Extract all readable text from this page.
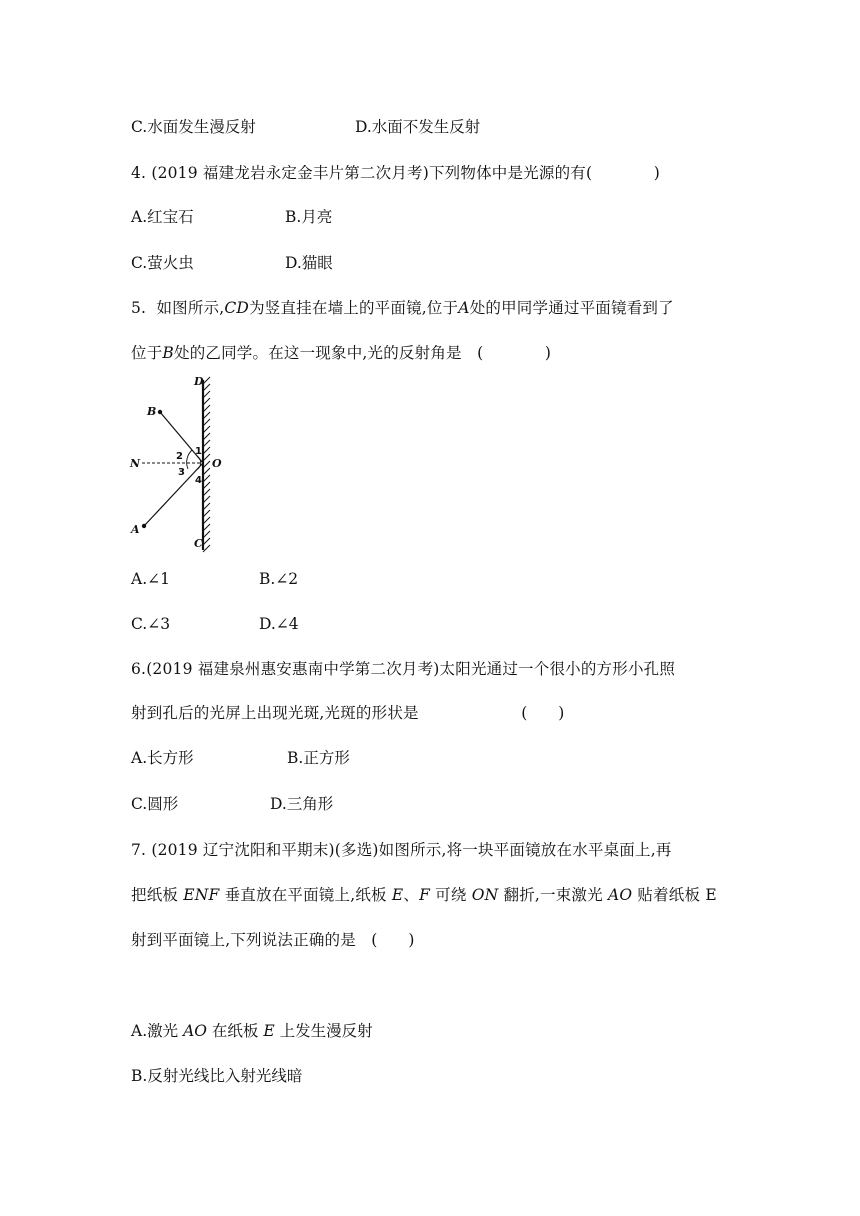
C.水面发生漫反射	D.水面不发生反射
4. (2019 福建龙岩永定金丰片第二次月考)下列物体中是光源的有(            )
A.红宝石	B.月亮
C.萤火虫	D.猫眼
5.  如图所示,CD为竖直挂在墙上的平面镜,位于A处的甲同学通过平面镜看到了
位于B处的乙同学。在这一现象中,光的反射角是   (            )
D
B
1
2
N	O
3
4
A
C
A.∠1	B.∠2
C.∠3	D.∠4
6.(2019 福建泉州惠安惠南中学第二次月考)太阳光通过一个很小的方形小孔照
射到孔后的光屏上出现光斑,光斑的形状是                    (      )
A.长方形	B.正方形
C.圆形	D.三角形
7. (2019 辽宁沈阳和平期末)(多选)如图所示,将一块平面镜放在水平桌面上,再
把纸板 ENF 垂直放在平面镜上,纸板 E、F 可绕 ON 翻折,一束激光 AO 贴着纸板 E
射到平面镜上,下列说法正确的是   (      )
A.激光 AO 在纸板 E 上发生漫反射
B.反射光线比入射光线暗
